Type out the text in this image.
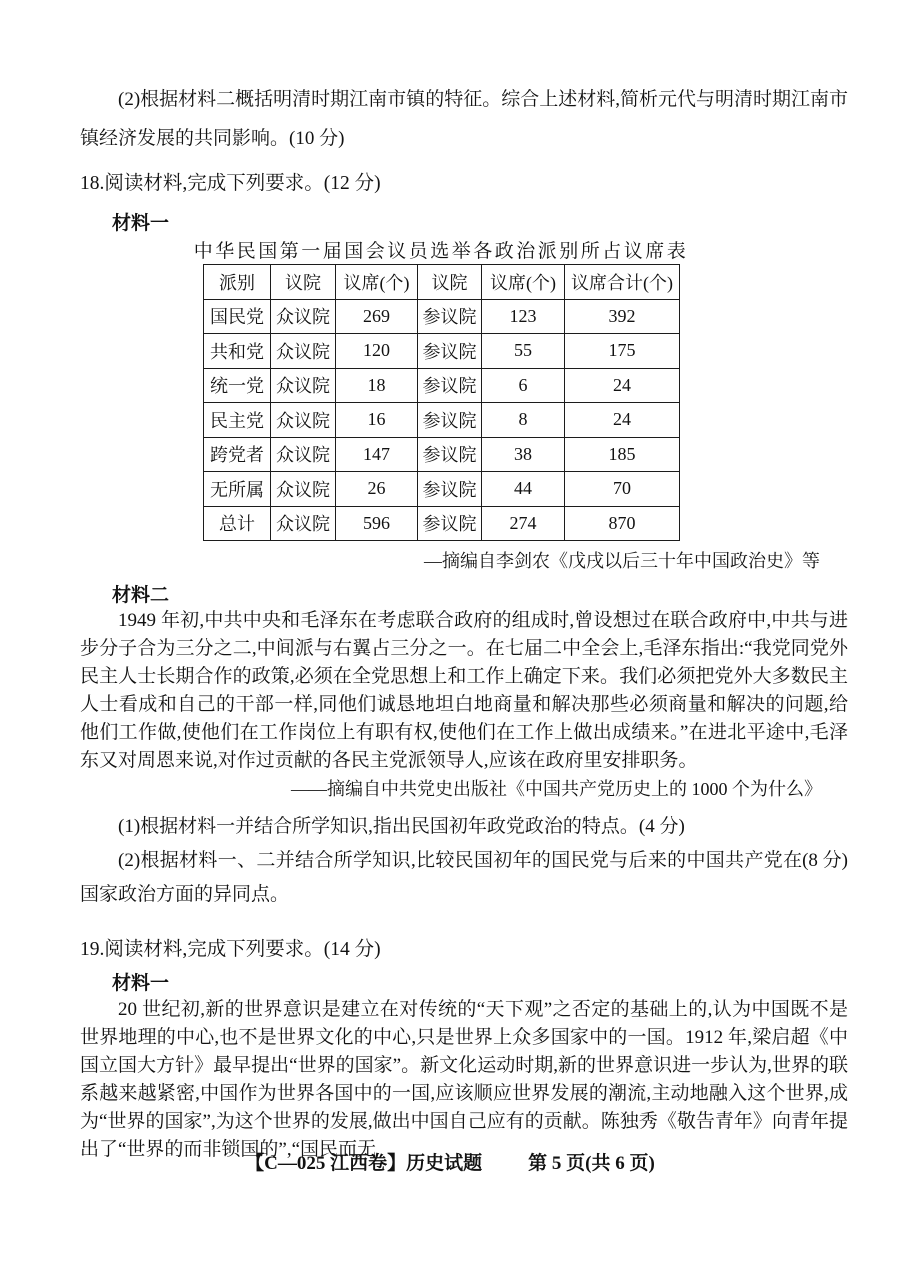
(2)根据材料二概括明清时期江南市镇的特征。综合上述材料,简析元代与明清时期江南市镇经济发展的共同影响。(10 分)

18.阅读材料,完成下列要求。(12 分)

材料一

中华民国第一届国会议员选举各政治派别所占议席表

派别	议院	议席(个)	议院	议席(个)	议席合计(个)
国民党	众议院	269	参议院	123	392
共和党	众议院	120	参议院	55	175
统一党	众议院	18	参议院	6	24
民主党	众议院	16	参议院	8	24
跨党者	众议院	147	参议院	38	185
无所属	众议院	26	参议院	44	70
总计	众议院	596	参议院	274	870

—摘编自李剑农《戊戌以后三十年中国政治史》等

材料二

1949 年初,中共中央和毛泽东在考虑联合政府的组成时,曾设想过在联合政府中,中共与进步分子合为三分之二,中间派与右翼占三分之一。在七届二中全会上,毛泽东指出:“我党同党外民主人士长期合作的政策,必须在全党思想上和工作上确定下来。我们必须把党外大多数民主人士看成和自己的干部一样,同他们诚恳地坦白地商量和解决那些必须商量和解决的问题,给他们工作做,使他们在工作岗位上有职有权,使他们在工作上做出成绩来。”在进北平途中,毛泽东又对周恩来说,对作过贡献的各民主党派领导人,应该在政府里安排职务。

——摘编自中共党史出版社《中国共产党历史上的 1000 个为什么》

(1)根据材料一并结合所学知识,指出民国初年政党政治的特点。(4 分)

(8 分)
(2)根据材料一、二并结合所学知识,比较民国初年的国民党与后来的中国共产党在国家政治方面的异同点。

19.阅读材料,完成下列要求。(14 分)

材料一

20 世纪初,新的世界意识是建立在对传统的“天下观”之否定的基础上的,认为中国既不是世界地理的中心,也不是世界文化的中心,只是世界上众多国家中的一国。1912 年,梁启超《中国立国大方针》最早提出“世界的国家”。新文化运动时期,新的世界意识进一步认为,世界的联系越来越紧密,中国作为世界各国中的一国,应该顺应世界发展的潮流,主动地融入这个世界,成为“世界的国家”,为这个世界的发展,做出中国自己应有的贡献。陈独秀《敬告青年》向青年提出了“世界的而非锁国的”,“国民而无

【C—025 江西卷】历史试题 第 5 页(共 6 页)
